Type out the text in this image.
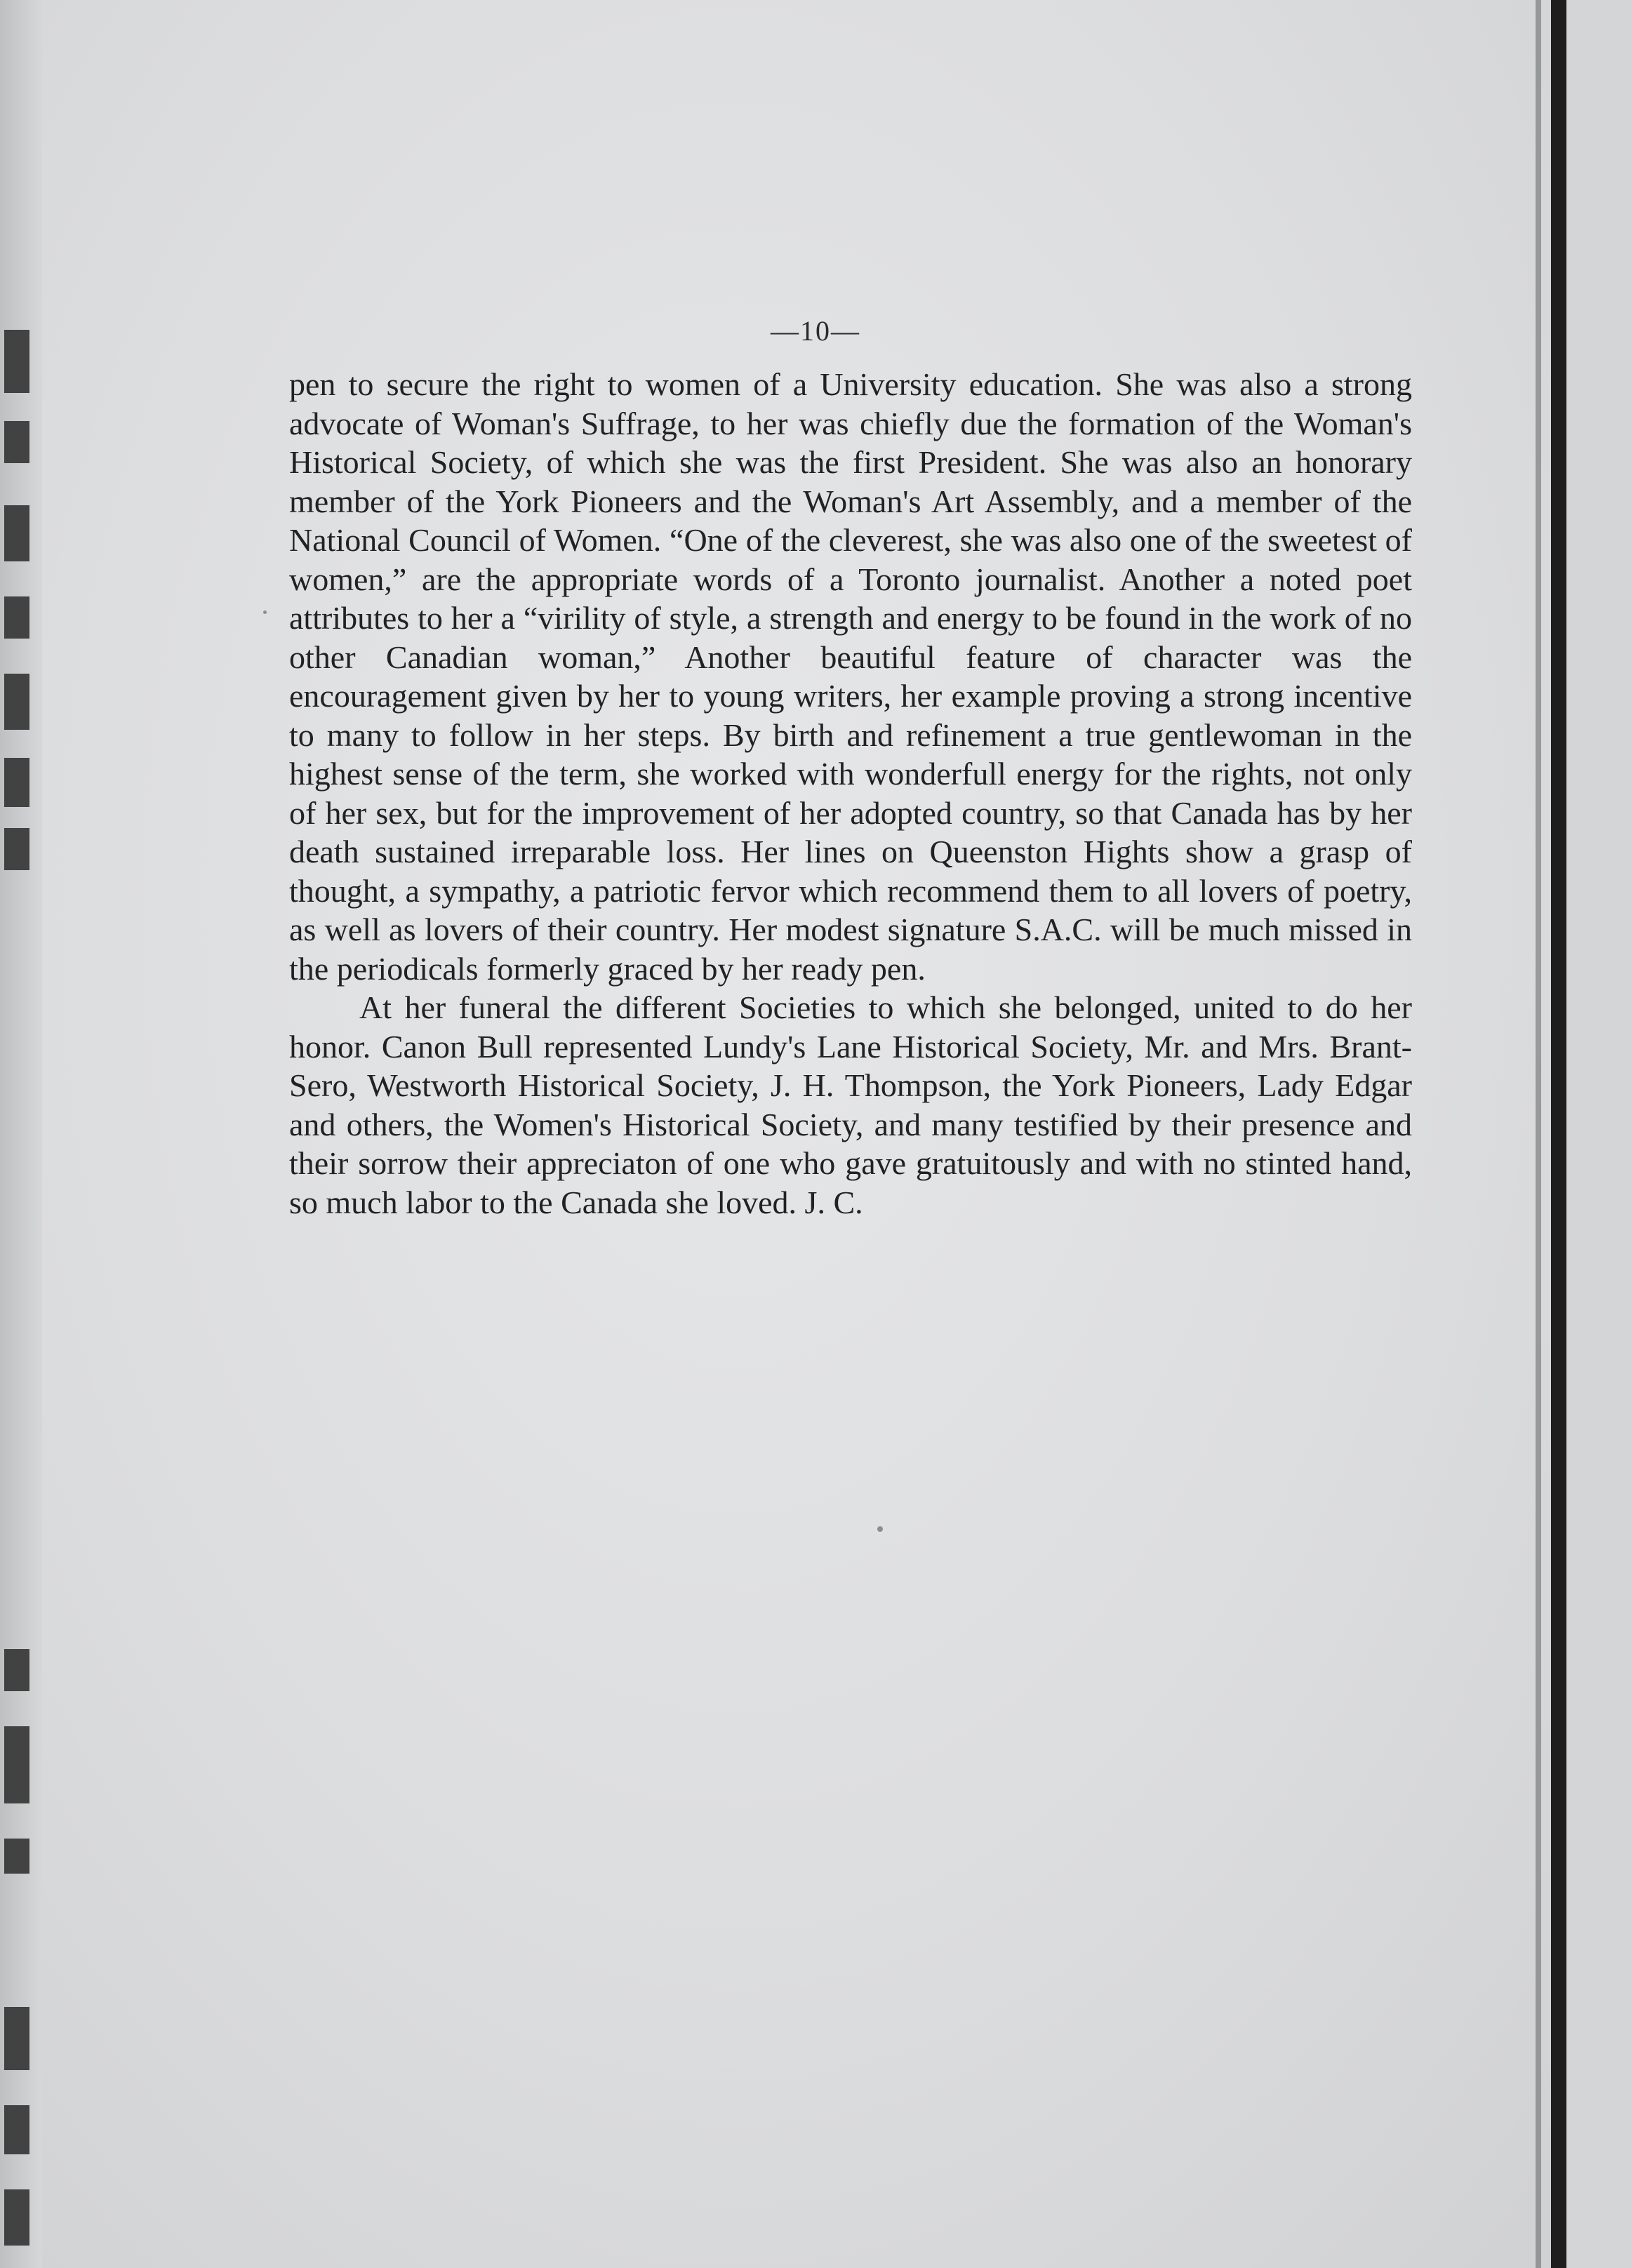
—10—

pen to secure the right to women of a University education. She was also a strong advocate of Woman's Suffrage, to her was chiefly due the formation of the Woman's Historical Society, of which she was the first President. She was also an honorary member of the York Pioneers and the Woman's Art Assembly, and a member of the National Council of Women. “One of the cleverest, she was also one of the sweetest of women,” are the appropriate words of a Toronto journalist. Another a noted poet attributes to her a “virility of style, a strength and energy to be found in the work of no other Canadian woman,” Another beautiful feature of character was the encouragement given by her to young writers, her example proving a strong incentive to many to follow in her steps. By birth and refinement a true gentlewoman in the highest sense of the term, she worked with wonderfull energy for the rights, not only of her sex, but for the improvement of her adopted country, so that Canada has by her death sustained irreparable loss. Her lines on Queenston Hights show a grasp of thought, a sympathy, a patriotic fervor which recommend them to all lovers of poetry, as well as lovers of their country. Her modest signature S.A.C. will be much missed in the periodicals formerly graced by her ready pen.

At her funeral the different Societies to which she belonged, united to do her honor. Canon Bull represented Lundy's Lane Historical Society, Mr. and Mrs. Brant-Sero, Westworth Historical Society, J. H. Thompson, the York Pioneers, Lady Edgar and others, the Women's Historical Society, and many testified by their presence and their sorrow their appreciaton of one who gave gratuitously and with no stinted hand, so much labor to the Canada she loved. J. C.
